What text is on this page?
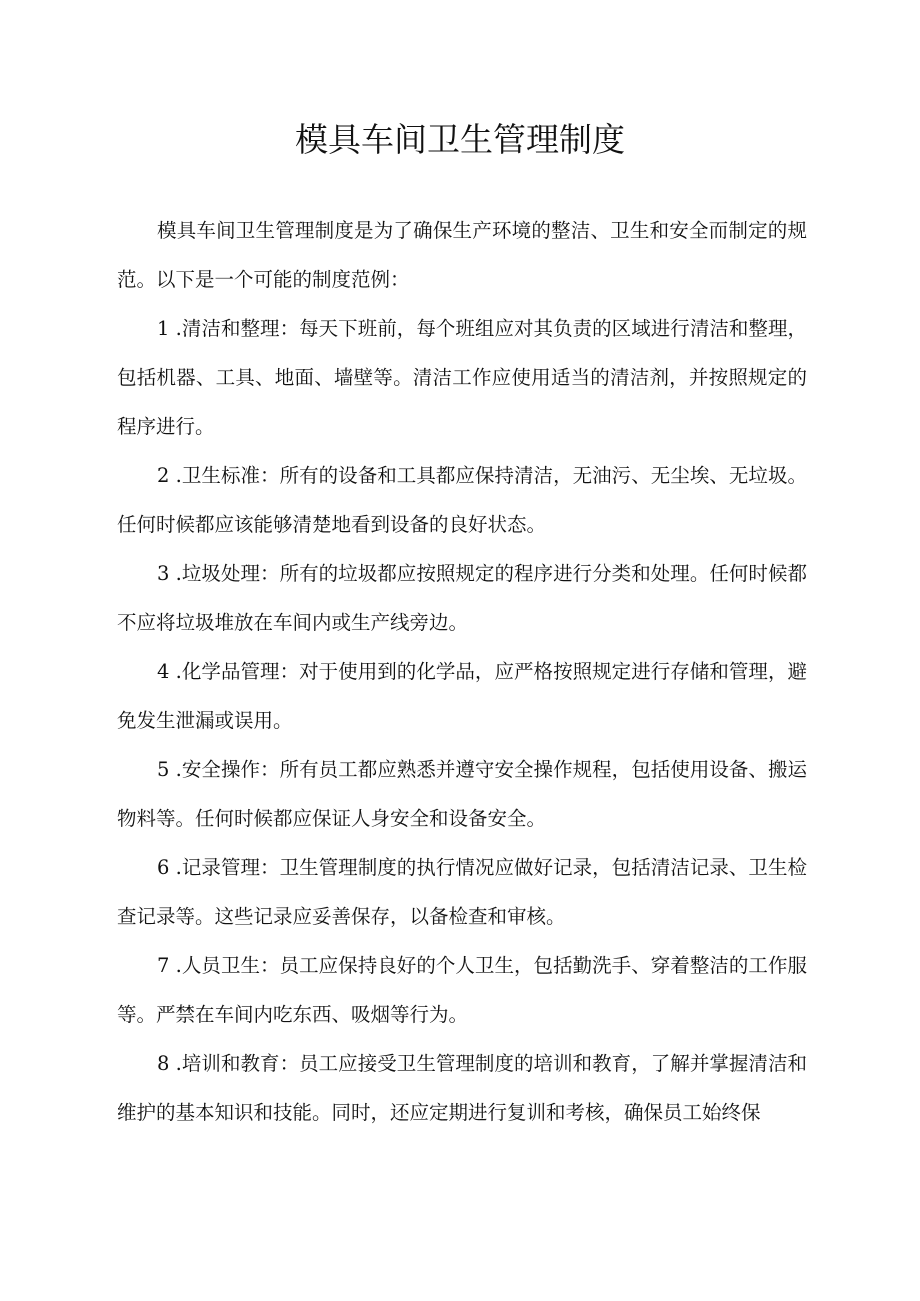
模具车间卫生管理制度

模具车间卫生管理制度是为了确保生产环境的整洁、卫生和安全而制定的规范。以下是一个可能的制度范例：

1 .清洁和整理：每天下班前，每个班组应对其负责的区域进行清洁和整理，包括机器、工具、地面、墙壁等。清洁工作应使用适当的清洁剂，并按照规定的程序进行。

2 .卫生标准：所有的设备和工具都应保持清洁，无油污、无尘埃、无垃圾。任何时候都应该能够清楚地看到设备的良好状态。

3 .垃圾处理：所有的垃圾都应按照规定的程序进行分类和处理。任何时候都不应将垃圾堆放在车间内或生产线旁边。

4 .化学品管理：对于使用到的化学品，应严格按照规定进行存储和管理，避免发生泄漏或误用。

5 .安全操作：所有员工都应熟悉并遵守安全操作规程，包括使用设备、搬运物料等。任何时候都应保证人身安全和设备安全。

6 .记录管理：卫生管理制度的执行情况应做好记录，包括清洁记录、卫生检查记录等。这些记录应妥善保存，以备检查和审核。

7 .人员卫生：员工应保持良好的个人卫生，包括勤洗手、穿着整洁的工作服等。严禁在车间内吃东西、吸烟等行为。

8 .培训和教育：员工应接受卫生管理制度的培训和教育，了解并掌握清洁和维护的基本知识和技能。同时，还应定期进行复训和考核，确保员工始终保
